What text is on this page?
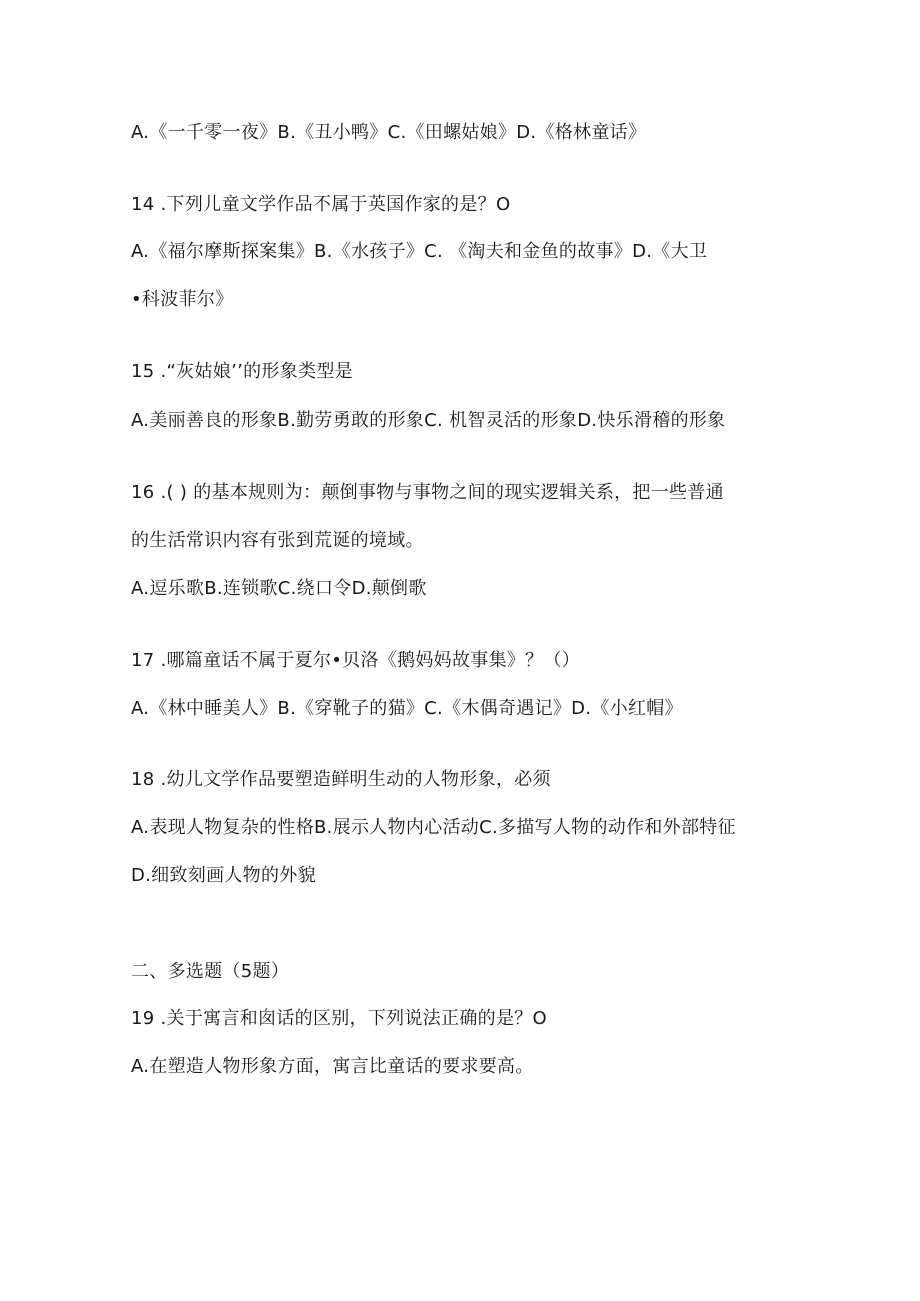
A.《一千零一夜》B.《丑小鸭》C.《田螺姑娘》D.《格林童话》
14 .下列儿童文学作品不属于英国作家的是？O
A.《福尔摩斯探案集》B.《水孩子》C. 《淘夫和金鱼的故事》D.《大卫
•科波菲尔》
15 .“灰姑娘’’的形象类型是
A.美丽善良的形象B.勤劳勇敢的形象C. 机智灵活的形象D.快乐滑稽的形象
16 .( ) 的基本规则为：颠倒事物与事物之间的现实逻辑关系，把一些普通
的生活常识内容有张到荒诞的境域。
A.逗乐歌B.连锁歌C.绕口令D.颠倒歌
17 .哪篇童话不属于夏尔•贝洛《鹅妈妈故事集》？（）
A.《林中睡美人》B.《穿靴子的猫》C.《木偶奇遇记》D.《小红帽》
18 .幼儿文学作品要塑造鲜明生动的人物形象，必须
A.表现人物复杂的性格B.展示人物内心活动C.多描写人物的动作和外部特征
D.细致刻画人物的外貌
二、多选题（5题）
19 .关于寓言和囱话的区别，下列说法正确的是？O
A.在塑造人物形象方面，寓言比童话的要求要高。
